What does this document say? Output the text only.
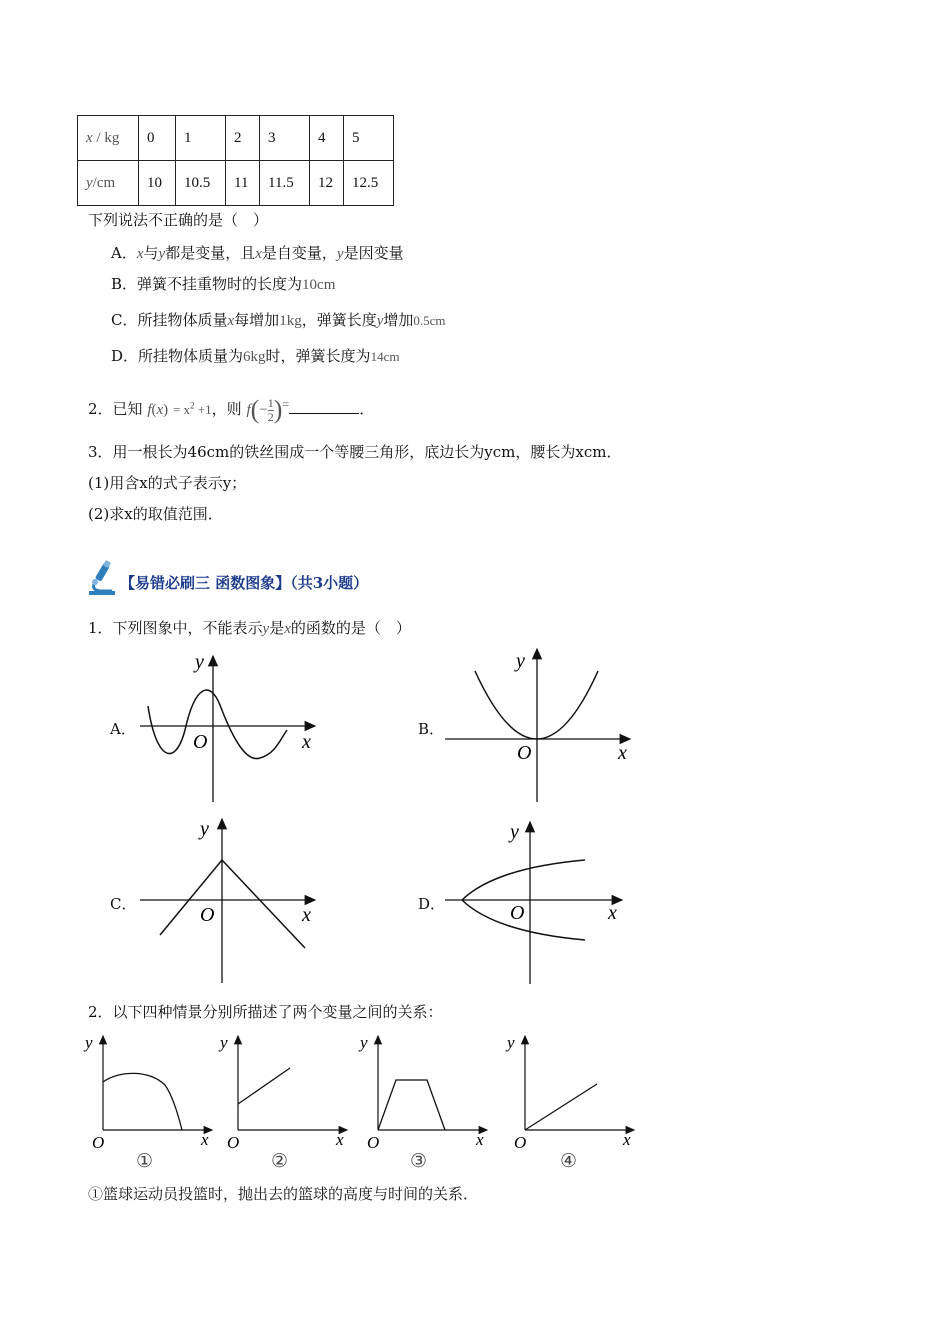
x / kg	0	1	2	3	4	5
y/cm	10	10.5	11	11.5	12	12.5
下列说法不正确的是（　）
A．x与y都是变量，且x是自变量，y是因变量
B．弹簧不挂重物时的长度为10cm
C．所挂物体质量x每增加1kg，弹簧长度y增加0.5cm
D．所挂物体质量为6kg时，弹簧长度为14cm
2．已知 $f(x) = x^2 +1$，则 $f(- \frac{1}{2} )^=$	．
3．用一根长为46cm的铁丝围成一个等腰三角形，底边长为ycm，腰长为xcm．
(1)用含x的式子表示y；
(2)求x的取值范围．
【易错必刷三 函数图象】（共3小题）
1．下列图象中，不能表示y是x的函数的是（　）
A．
O	x
y
B．
O	x
y
C．	O	x
y
D．	O	x
y
2．以下四种情景分别所描述了两个变量之间的关系：
y
O	x
①
y
O	x
②
y
O	x
③
y
O	x
④
①篮球运动员投篮时，抛出去的篮球的高度与时间的关系．
